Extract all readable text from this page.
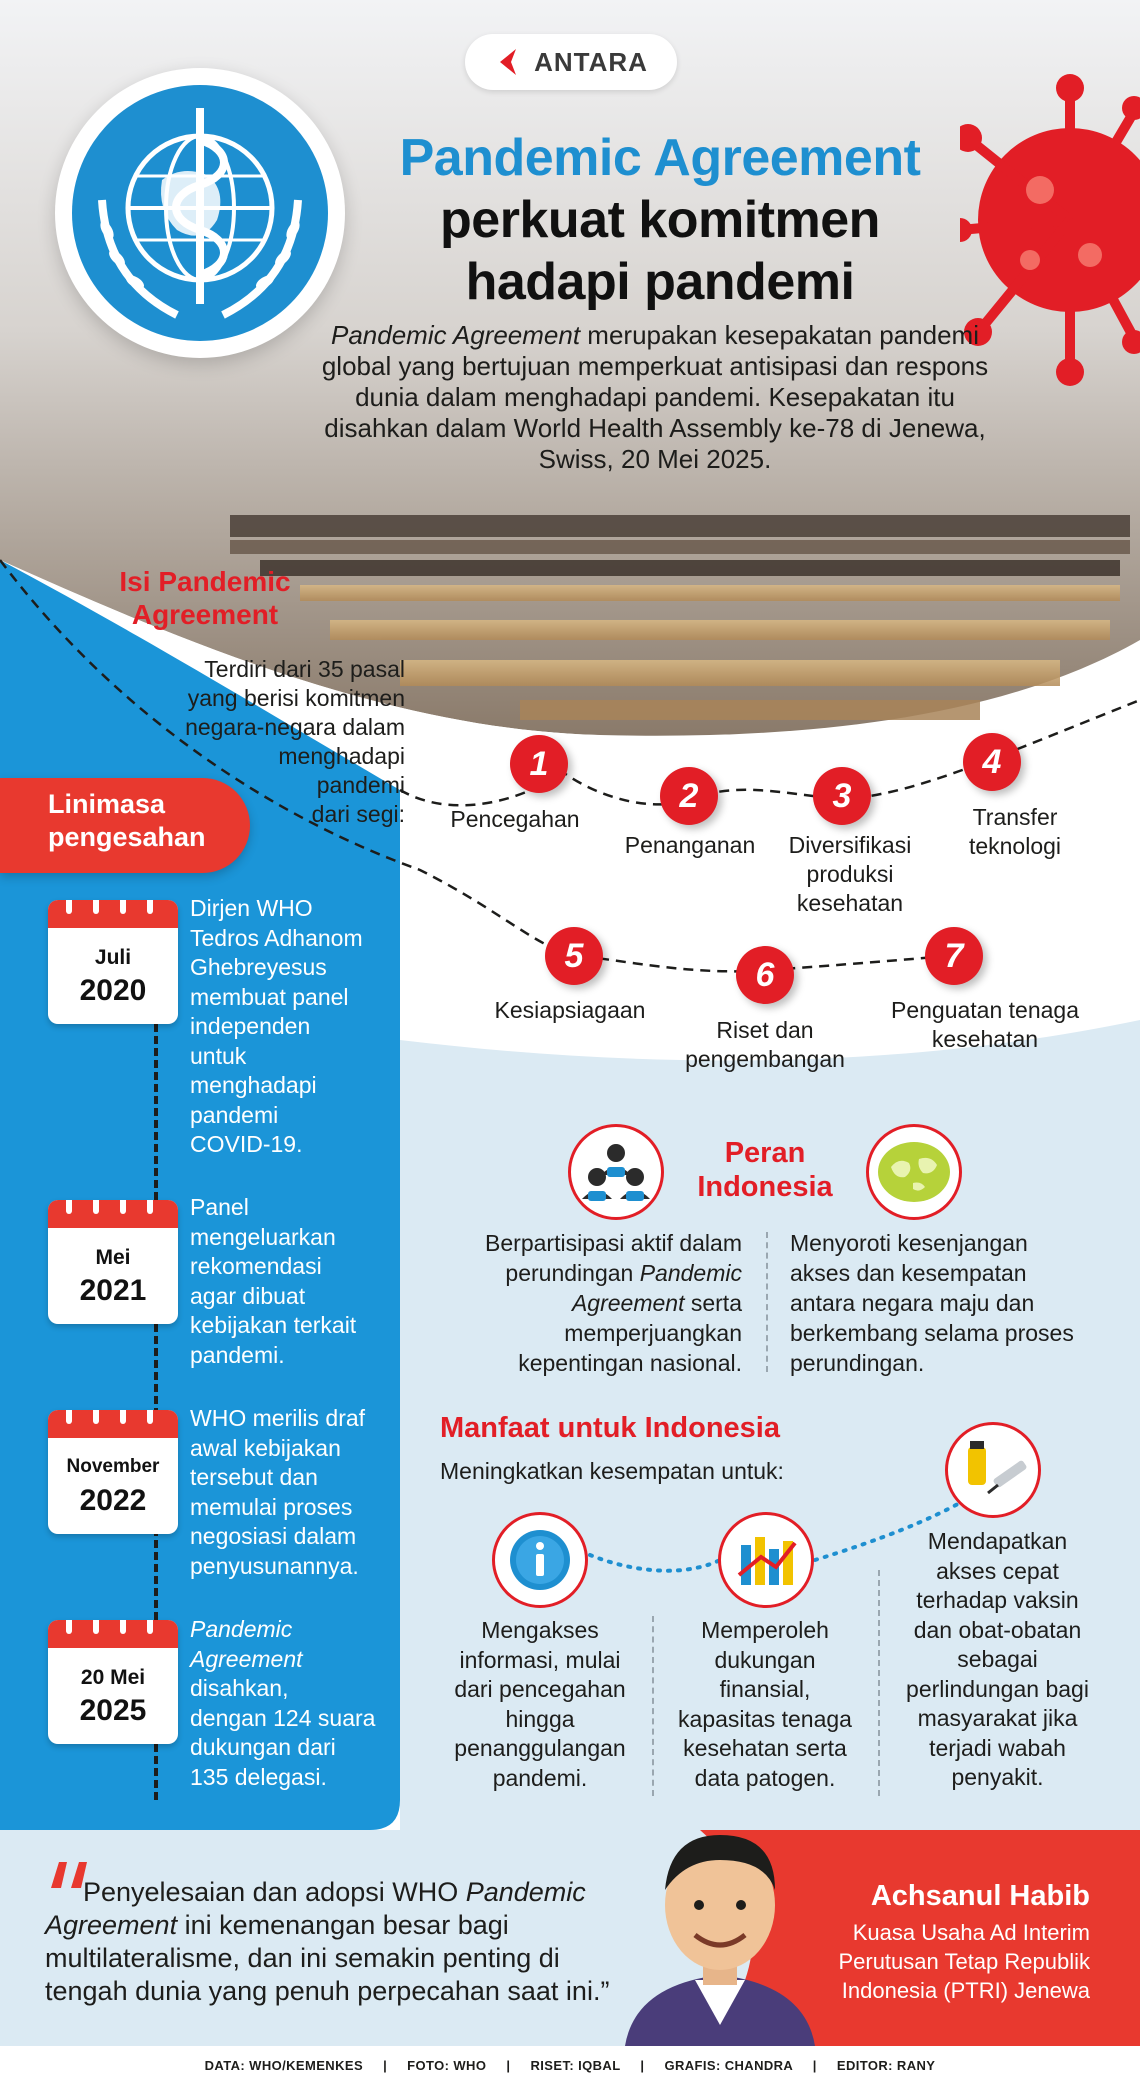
ANTARA
Pandemic Agreement
perkuat komitmen
hadapi pandemi
Pandemic Agreement merupakan kesepakatan pandemi global yang bertujuan memperkuat antisipasi dan respons dunia dalam menghadapi pandemi. Kesepakatan itu disahkan dalam World Health Assembly ke-78 di Jenewa, Swiss, 20 Mei 2025.
Isi Pandemic
Agreement
Terdiri dari 35 pasal
yang berisi komitmen
negara-negara dalam
menghadapi
pandemi
dari segi:
1
Pencegahan
2
Penanganan
3
Diversifikasi
produksi
kesehatan
4
Transfer
teknologi
5
Kesiapsiagaan
6
Riset dan
pengembangan
7
Penguatan tenaga
kesehatan
Linimasa
pengesahan
Juli
2020
Dirjen WHO
Tedros Adhanom
Ghebreyesus
membuat panel
independen
untuk
menghadapi
pandemi
COVID-19.
Mei
2021
Panel
mengeluarkan
rekomendasi
agar dibuat
kebijakan terkait
pandemi.
November
2022
WHO merilis draf
awal kebijakan
tersebut dan
memulai proses
negosiasi dalam
penyusunannya.
20 Mei
2025
Pandemic
Agreement
disahkan,
dengan 124 suara
dukungan dari
135 delegasi.
Peran
Indonesia
Berpartisipasi aktif dalam
perundingan Pandemic
Agreement serta
memperjuangkan
kepentingan nasional.
Menyoroti kesenjangan
akses dan kesempatan
antara negara maju dan
berkembang selama proses
perundingan.
Manfaat untuk Indonesia
Meningkatkan kesempatan untuk:
Mengakses
informasi, mulai
dari pencegahan
hingga
penanggulangan
pandemi.
Memperoleh
dukungan
finansial,
kapasitas tenaga
kesehatan serta
data patogen.
Mendapatkan
akses cepat
terhadap vaksin
dan obat-obatan
sebagai
perlindungan bagi
masyarakat jika
terjadi wabah
penyakit.
Penyelesaian dan adopsi WHO Pandemic
Agreement ini kemenangan besar bagi
multilateralisme, dan ini semakin penting di
tengah dunia yang penuh perpecahan saat ini.”
Achsanul Habib
Kuasa Usaha Ad Interim
Perutusan Tetap Republik
Indonesia (PTRI) Jenewa
DATA: WHO/KEMENKES     |     FOTO: WHO     |     RISET: IQBAL     |     GRAFIS: CHANDRA     |     EDITOR: RANY
